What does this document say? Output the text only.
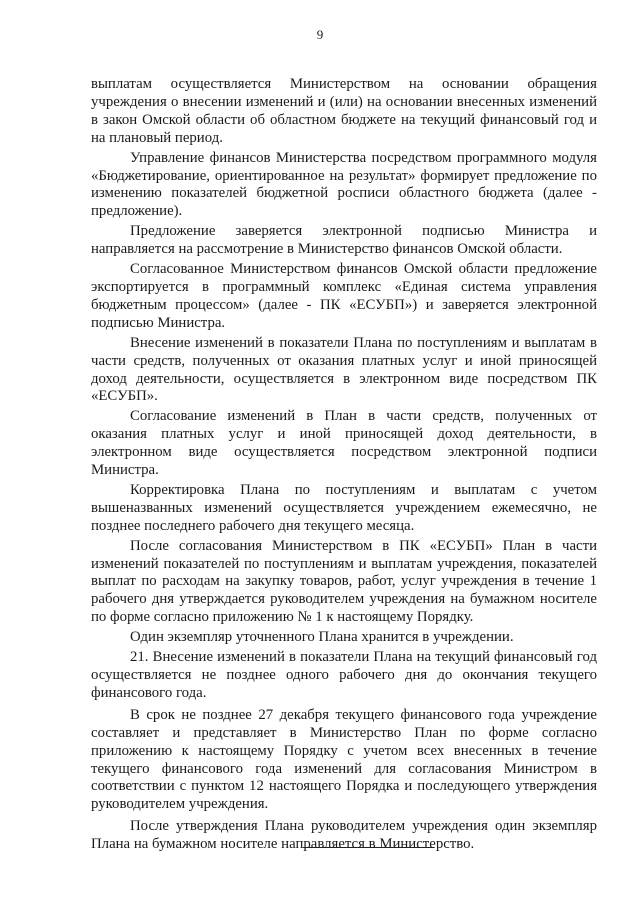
9

выплатам осуществляется Министерством на основании обращения учреждения о внесении изменений и (или) на основании внесенных изменений в закон Омской области об областном бюджете на текущий финансовый год и на плановый период.

Управление финансов Министерства посредством программного модуля «Бюджетирование, ориентированное на результат» формирует предложение по изменению показателей бюджетной росписи областного бюджета (далее - предложение).

Предложение заверяется электронной подписью Министра и направляется на рассмотрение в Министерство финансов Омской области.

Согласованное Министерством финансов Омской области предложение экспортируется в программный комплекс «Единая система управления бюджетным процессом» (далее - ПК «ЕСУБП») и заверяется электронной подписью Министра.

Внесение изменений в показатели Плана по поступлениям и выплатам в части средств, полученных от оказания платных услуг и иной приносящей доход деятельности, осуществляется в электронном виде посредством ПК «ЕСУБП».

Согласование изменений в План в части средств, полученных от оказания платных услуг и иной приносящей доход деятельности, в электронном виде осуществляется посредством электронной подписи Министра.

Корректировка Плана по поступлениям и выплатам с учетом вышеназванных изменений осуществляется учреждением ежемесячно, не позднее последнего рабочего дня текущего месяца.

После согласования Министерством в ПК «ЕСУБП» План в части изменений показателей по поступлениям и выплатам учреждения, показателей выплат по расходам на закупку товаров, работ, услуг учреждения в течение 1 рабочего дня утверждается руководителем учреждения на бумажном носителе по форме согласно приложению № 1 к настоящему Порядку.

Один экземпляр уточненного Плана хранится в учреждении.

21. Внесение изменений в показатели Плана на текущий финансовый год осуществляется не позднее одного рабочего дня до окончания текущего финансового года.

В срок не позднее 27 декабря текущего финансового года учреждение составляет и представляет в Министерство План по форме согласно приложению к настоящему Порядку с учетом всех внесенных в течение текущего финансового года изменений для согласования Министром в соответствии с пунктом 12 настоящего Порядка и последующего утверждения руководителем учреждения.

После утверждения Плана руководителем учреждения один экземпляр Плана на бумажном носителе направляется в Министерство.
